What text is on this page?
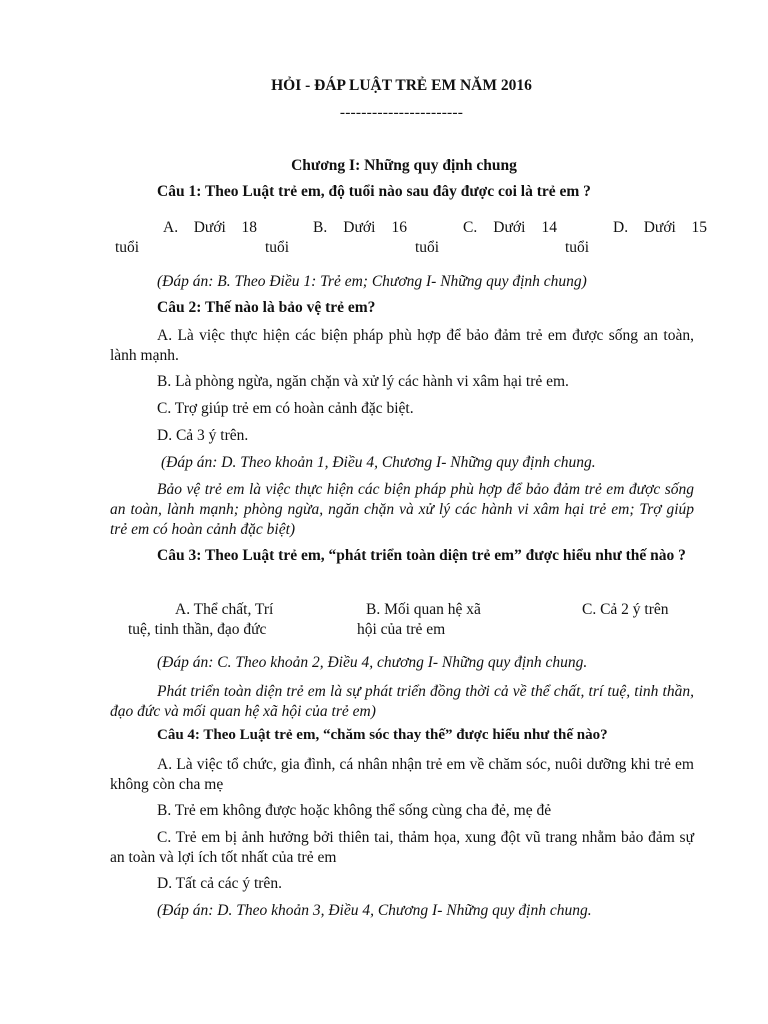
HỎI - ĐÁP LUẬT TRẺ EM NĂM 2016
-----------------------
Chương I: Những quy định chung
Câu 1: Theo Luật trẻ em, độ tuổi nào sau đây được coi là trẻ em ?
A. Dưới 18
tuổi
B. Dưới 16
tuổi
C. Dưới 14
tuổi
D. Dưới 15
tuổi
(Đáp án: B. Theo Điều 1: Trẻ em; Chương I- Những quy định chung)
Câu 2: Thế nào là bảo vệ trẻ em?
A. Là việc thực hiện các biện pháp phù hợp để bảo đảm trẻ em được sống an toàn, lành mạnh.
B. Là phòng ngừa, ngăn chặn và xử lý các hành vi xâm hại trẻ em.
C. Trợ giúp trẻ em có hoàn cảnh đặc biệt.
D. Cả 3 ý trên.
(Đáp án: D. Theo khoản 1, Điều 4, Chương I- Những quy định chung.
Bảo vệ trẻ em là việc thực hiện các biện pháp phù hợp để bảo đảm trẻ em được sống an toàn, lành mạnh; phòng ngừa, ngăn chặn và xử lý các hành vi xâm hại trẻ em; Trợ giúp trẻ em có hoàn cảnh đặc biệt)
Câu 3: Theo Luật trẻ em, “phát triển toàn diện trẻ em” được hiểu như thế nào ?
A. Thể chất, Trí
tuệ, tinh thần, đạo đức
B. Mối quan hệ xã
hội của trẻ em
C. Cả 2 ý trên
(Đáp án: C. Theo khoản 2, Điều 4, chương I- Những quy định chung.
Phát triển toàn diện trẻ em là sự phát triển đồng thời cả về thể chất, trí tuệ, tinh thần, đạo đức và mối quan hệ xã hội của trẻ em)
Câu 4: Theo Luật trẻ em, “chăm sóc thay thế” được hiểu như thế nào?
A. Là việc tổ chức, gia đình, cá nhân nhận trẻ em về chăm sóc, nuôi dưỡng khi trẻ em không còn cha mẹ
B. Trẻ em không được hoặc không thể sống cùng cha đẻ, mẹ đẻ
C. Trẻ em bị ảnh hưởng bởi thiên tai, thảm họa, xung đột vũ trang nhằm bảo đảm sự an toàn và lợi ích tốt nhất của trẻ em
D. Tất cả các ý trên.
(Đáp án: D. Theo khoản 3, Điều 4, Chương I- Những quy định chung.
